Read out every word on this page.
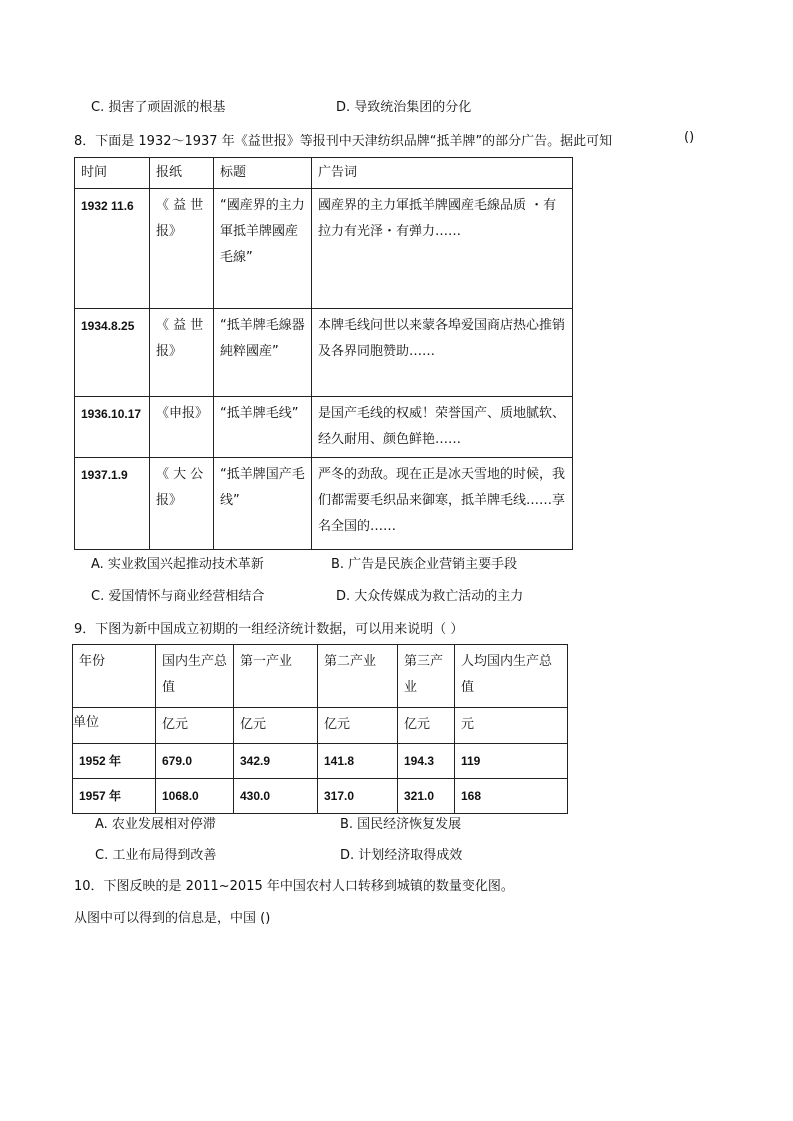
C. 损害了顽固派的根基	D. 导致统治集团的分化
8．下面是 1932～1937 年《益世报》等报刊中天津纺织品牌“抵羊牌”的部分广告。据此可知	()
时间	报纸	标题	广告词
1932 11.6	《 益 世报》	“國産界的主力軍抵羊牌國産毛線”	國産界的主力軍抵羊牌國産毛線品质 ・有拉力有光泽・有弹力……
1934.8.25	《 益 世报》	“抵羊牌毛線器純粹國産”	本牌毛线问世以来蒙各埠爱国商店热心推销及各界同胞赞助……
1936.10.17	《申报》	“抵羊牌毛线”	是国产毛线的权威！荣誉国产、质地腻软、经久耐用、颜色鲜艳……
1937.1.9	《 大 公报》	“抵羊牌国产毛线”	严冬的劲敌。现在正是冰天雪地的时候，我们都需要毛织品来御寒，抵羊牌毛线……享名全国的……
A. 实业救国兴起推动技术革新	B. 广告是民族企业营销主要手段
C. 爱国情怀与商业经营相结合	D. 大众传媒成为救亡活动的主力
9．下图为新中国成立初期的一组经济统计数据，可以用来说明（ ）
年份	国内生产总值	第一产业	第二产业	第三产业	人均国内生产总值
单位	亿元	亿元	亿元	亿元	元
1952 年	679.0	342.9	141.8	194.3	119
1957 年	1068.0	430.0	317.0	321.0	168
A. 农业发展相对停滞	B. 国民经济恢复发展
C. 工业布局得到改善	D. 计划经济取得成效
10．下图反映的是 2011~2015 年中国农村人口转移到城镇的数量变化图。
从图中可以得到的信息是，中国 ()
